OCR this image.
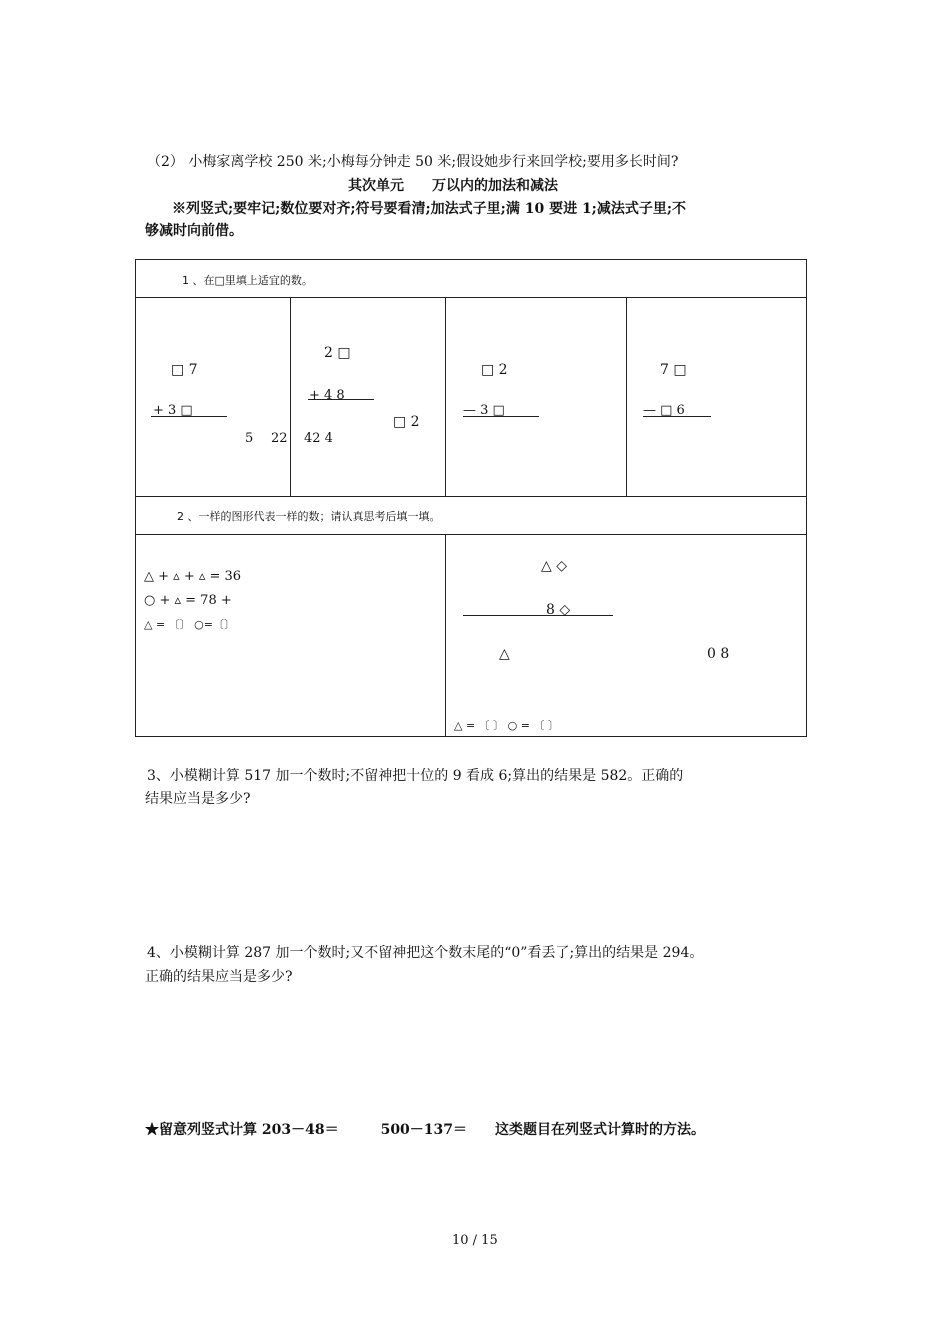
（2） 小梅家离学校 250 米;小梅每分钟走 50 米;假设她步行来回学校;要用多长时间?
其次单元　　万以内的加法和减法
※列竖式;要牢记;数位要对齐;符号要看清;加法式子里;满 10 要进 1;减法式子里;不
够减时向前借。
1 、在□里填上适宜的数。
□ 7
+ 3 □
5 22
2 □
+ 4 8
□ 2
42 4
□ 2
— 3 □
7 □
— □ 6
2 、一样的图形代表一样的数；请认真思考后填一填。
△ + ▵ + ▵ = 36
○ + ▵ = 78 +
△ = 〔〕 ○=〔〕
△ ◇
8 ◇
△	0 8
△ = 〔 〕 ○ = 〔 〕
3、小模糊计算 517 加一个数时;不留神把十位的 9 看成 6;算出的结果是 582。正确的
结果应当是多少?
4、小模糊计算 287 加一个数时;又不留神把这个数末尾的“0”看丢了;算出的结果是 294。
正确的结果应当是多少?
★留意列竖式计算 203－48＝　　　500－137＝　　这类题目在列竖式计算时的方法。
10 / 15
